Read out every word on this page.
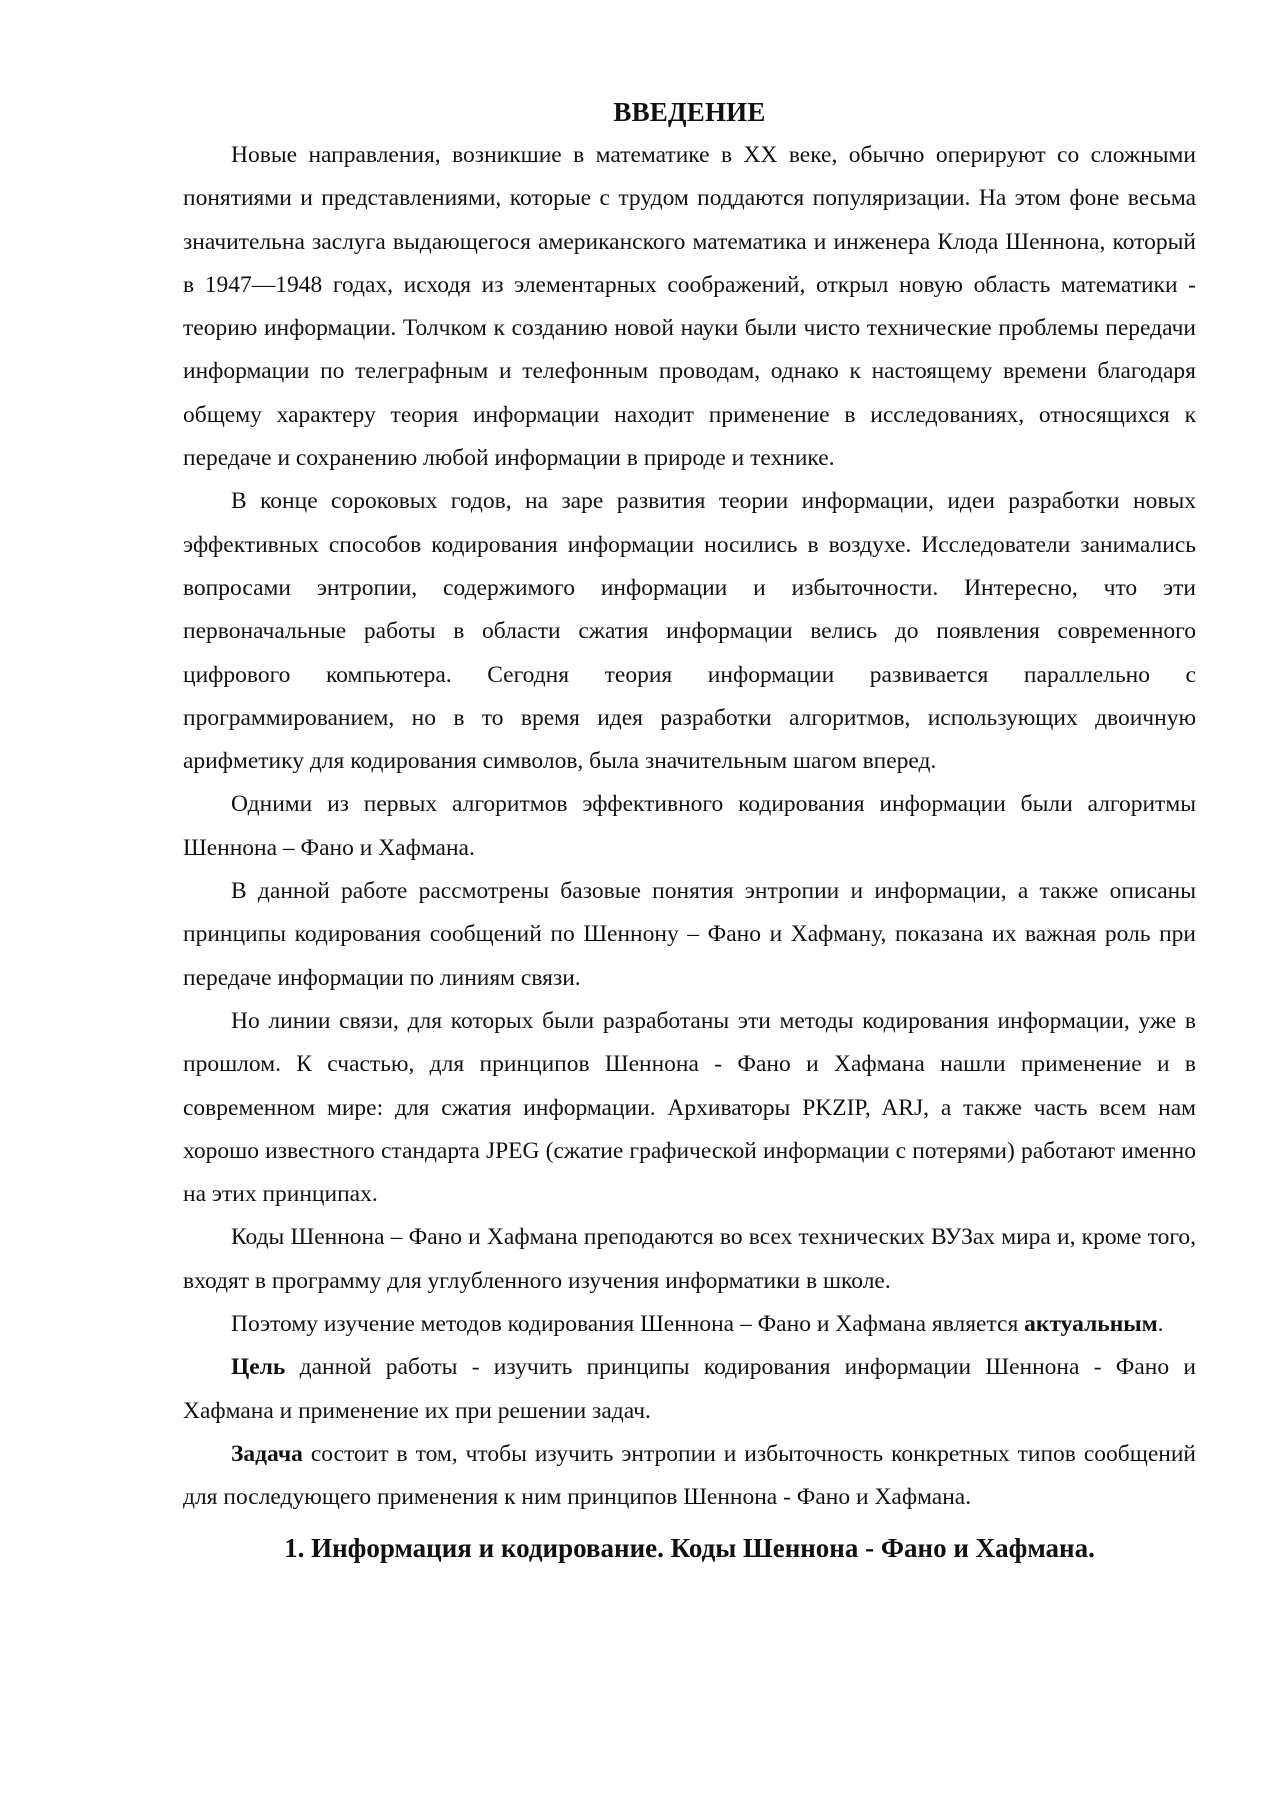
ВВЕДЕНИЕ

Новые направления, возникшие в математике в XX веке, обычно оперируют со сложными понятиями и представлениями, которые с трудом поддаются популяризации. На этом фоне весьма значительна заслуга выдающегося американского математика и инженера Клода Шеннона, который в 1947—1948 годах, исходя из элементарных соображений, открыл новую область математики - теорию информации. Толчком к созданию новой науки были чисто технические проблемы передачи информации по телеграфным и телефонным проводам, однако к настоящему времени благодаря общему характеру теория информации находит применение в исследованиях, относящихся к передаче и сохранению любой информации в природе и технике.

В конце сороковых годов, на заре развития теории информации, идеи разработки новых эффективных способов кодирования информации носились в воздухе. Исследователи занимались вопросами энтропии, содержимого информации и избыточности. Интересно, что эти первоначальные работы в области сжатия информации велись до появления современного цифрового компьютера. Сегодня теория информации развивается параллельно с программированием, но в то время идея разработки алгоритмов, использующих двоичную арифметику для кодирования символов, была значительным шагом вперед.

Одними из первых алгоритмов эффективного кодирования информации были алгоритмы Шеннона – Фано и Хафмана.

В данной работе рассмотрены базовые понятия энтропии и информации, а также описаны принципы кодирования сообщений по Шеннону – Фано и Хафману, показана их важная роль при передаче информации по линиям связи.

Но линии связи, для которых были разработаны эти методы кодирования информации, уже в прошлом. К счастью, для принципов Шеннона - Фано и Хафмана нашли применение и в современном мире: для сжатия информации. Архиваторы PKZIP, ARJ, а также часть всем нам хорошо известного стандарта JPEG (сжатие графической информации с потерями) работают именно на этих принципах.

Коды Шеннона – Фано и Хафмана преподаются во всех технических ВУЗах мира и, кроме того, входят в программу для углубленного изучения информатики в школе.

Поэтому изучение методов кодирования Шеннона – Фано и Хафмана является актуальным.

Цель данной работы - изучить принципы кодирования информации Шеннона - Фано и Хафмана и применение их при решении задач.

Задача состоит в том, чтобы изучить энтропии и избыточность конкретных типов сообщений для последующего применения к ним принципов Шеннона - Фано и Хафмана.

1. Информация и кодирование. Коды Шеннона - Фано и Хафмана.
